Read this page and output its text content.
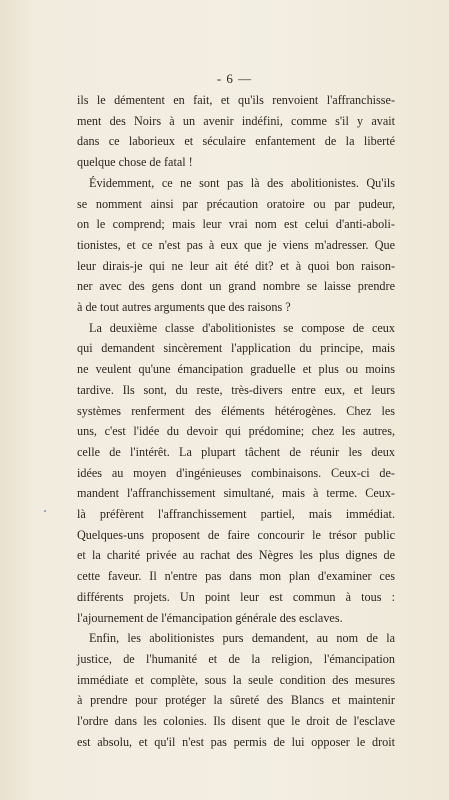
- 6 —

ils le démentent en fait, et qu'ils renvoient l'affranchisse-
ment des Noirs à un avenir indéfini, comme s'il y avait
dans ce laborieux et séculaire enfantement de la liberté
quelque chose de fatal !

Évidemment, ce ne sont pas là des abolitionistes. Qu'ils
se nomment ainsi par précaution oratoire ou par pudeur,
on le comprend; mais leur vrai nom est celui d'anti-aboli-
tionistes, et ce n'est pas à eux que je viens m'adresser. Que
leur dirais-je qui ne leur ait été dit? et à quoi bon raison-
ner avec des gens dont un grand nombre se laisse prendre
à de tout autres arguments que des raisons ?

La deuxième classe d'abolitionistes se compose de ceux
qui demandent sincèrement l'application du principe, mais
ne veulent qu'une émancipation graduelle et plus ou moins
tardive. Ils sont, du reste, très-divers entre eux, et leurs
systèmes renferment des éléments hétérogènes. Chez les
uns, c'est l'idée du devoir qui prédomine; chez les autres,
celle de l'intérêt. La plupart tâchent de réunir les deux
idées au moyen d'ingénieuses combinaisons. Ceux-ci de-
mandent l'affranchissement simultané, mais à terme. Ceux-
là préfèrent l'affranchissement partiel, mais immédiat.
Quelques-uns proposent de faire concourir le trésor public
et la charité privée au rachat des Nègres les plus dignes de
cette faveur. Il n'entre pas dans mon plan d'examiner ces
différents projets. Un point leur est commun à tous :
l'ajournement de l'émancipation générale des esclaves.

Enfin, les abolitionistes purs demandent, au nom de la
justice, de l'humanité et de la religion, l'émancipation
immédiate et complète, sous la seule condition des mesures
à prendre pour protéger la sûreté des Blancs et maintenir
l'ordre dans les colonies. Ils disent que le droit de l'esclave
est absolu, et qu'il n'est pas permis de lui opposer le droit
